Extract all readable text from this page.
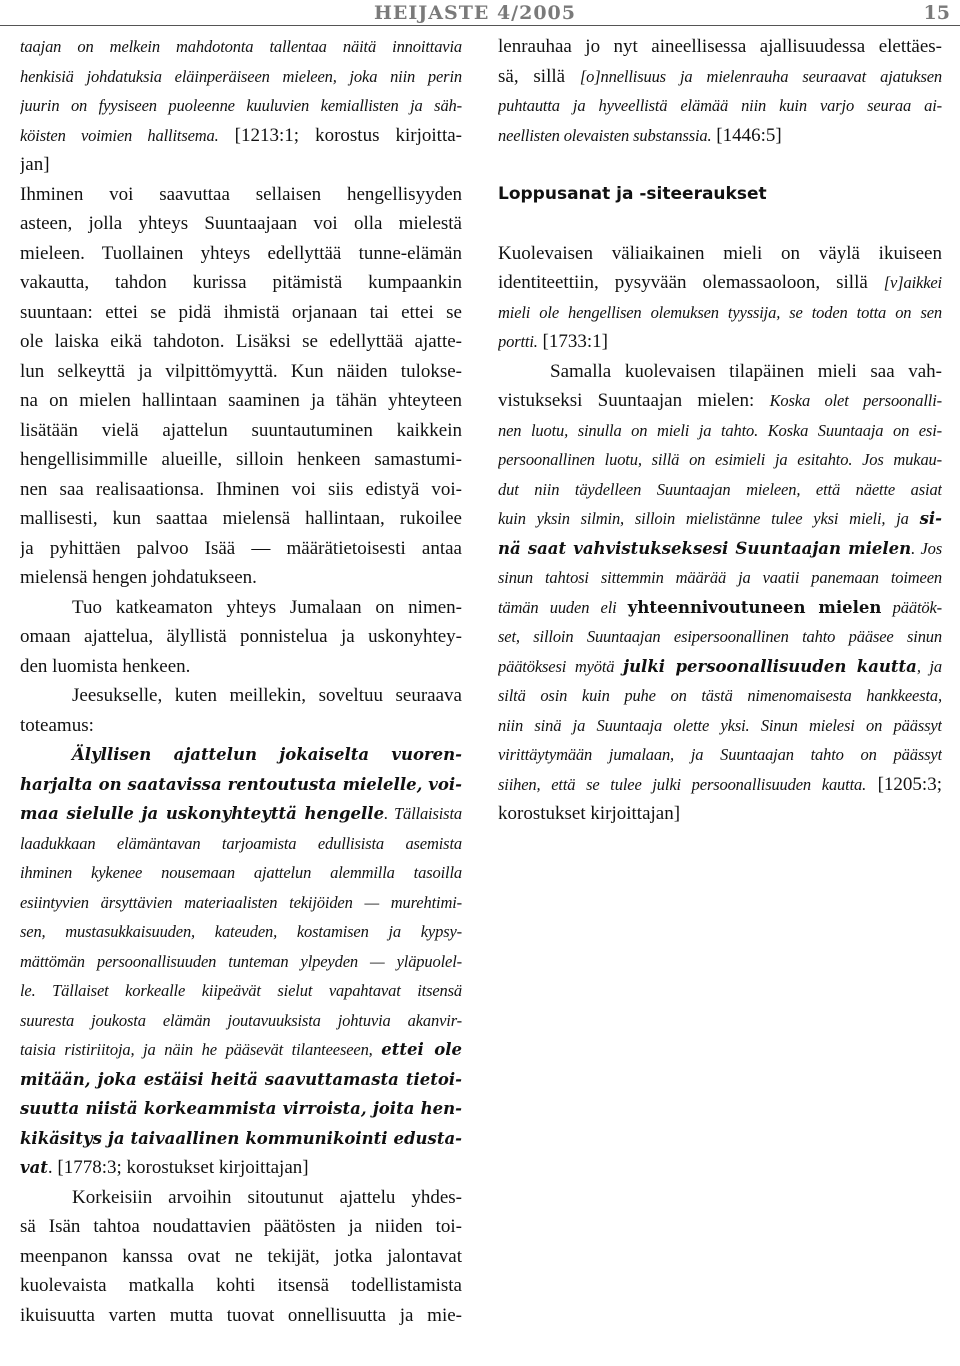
HEIJASTE 4/2005	15
taajan on melkein mahdotonta tallentaa näitä innoittavia
henkisiä johdatuksia eläinperäiseen mieleen, joka niin perin
juurin on fyysiseen puoleenne kuuluvien kemiallisten ja säh-
köisten voimien hallitsema. [1213:1; korostus kirjoitta-
jan]
Ihminen voi saavuttaa sellaisen hengellisyyden
asteen, jolla yhteys Suuntaajaan voi olla mielestä
mieleen. Tuollainen yhteys edellyttää tunne-elämän
vakautta, tahdon kurissa pitämistä kumpaankin
suuntaan: ettei se pidä ihmistä orjanaan tai ettei se
ole laiska eikä tahdoton. Lisäksi se edellyttää ajatte-
lun selkeyttä ja vilpittömyyttä. Kun näiden tulokse-
na on mielen hallintaan saaminen ja tähän yhteyteen
lisätään vielä ajattelun suuntautuminen kaikkein
hengellisimmille alueille, silloin henkeen samastumi-
nen saa realisaationsa. Ihminen voi siis edistyä voi-
mallisesti, kun saattaa mielensä hallintaan, rukoilee
ja pyhittäen palvoo Isää — määrätietoisesti antaa
mielensä hengen johdatukseen.
Tuo katkeamaton yhteys Jumalaan on nimen-
omaan ajattelua, älyllistä ponnistelua ja uskonyhtey-
den luomista henkeen.
Jeesukselle, kuten meillekin, soveltuu seuraava
toteamus:
Älyllisen ajattelun jokaiselta vuoren-
harjalta on saatavissa rentoutusta mielelle, voi-
maa sielulle ja uskonyhteyttä hengelle. Tällaisista
laadukkaan elämäntavan tarjoamista edullisista asemista
ihminen kykenee nousemaan ajattelun alemmilla tasoilla
esiintyvien ärsyttävien materiaalisten tekijöiden — murehtimi-
sen, mustasukkaisuuden, kateuden, kostamisen ja kypsy-
mättömän persoonallisuuden tunteman ylpeyden — yläpuolel-
le. Tällaiset korkealle kiipeävät sielut vapahtavat itsensä
suuresta joukosta elämän joutavuuksista johtuvia akanvir-
taisia ristiriitoja, ja näin he pääsevät tilanteeseen, ettei ole
mitään, joka estäisi heitä saavuttamasta tietoi-
suutta niistä korkeammista virroista, joita hen-
kikäsitys ja taivaallinen kommunikointi edusta-
vat. [1778:3; korostukset kirjoittajan]
Korkeisiin arvoihin sitoutunut ajattelu yhdes-
sä Isän tahtoa noudattavien päätösten ja niiden toi-
meenpanon kanssa ovat ne tekijät, jotka jalontavat
kuolevaista matkalla kohti itsensä todellistamista
ikuisuutta varten mutta tuovat onnellisuutta ja mie-
lenrauhaa jo nyt aineellisessa ajallisuudessa elettäes-
sä, sillä [o]nnellisuus ja mielenrauha seuraavat ajatuksen
puhtautta ja hyveellistä elämää niin kuin varjo seuraa ai-
neellisten olevaisten substanssia. [1446:5]
Loppusanat ja -siteeraukset
Kuolevaisen väliaikainen mieli on väylä ikuiseen
identiteettiin, pysyvään olemassaoloon, sillä [v]aikkei
mieli ole hengellisen olemuksen tyyssija, se toden totta on sen
portti. [1733:1]
Samalla kuolevaisen tilapäinen mieli saa vah-
vistukseksi Suuntaajan mielen: Koska olet persoonalli-
nen luotu, sinulla on mieli ja tahto. Koska Suuntaaja on esi-
persoonallinen luotu, sillä on esimieli ja esitahto. Jos mukau-
dut niin täydelleen Suuntaajan mieleen, että näette asiat
kuin yksin silmin, silloin mielistänne tulee yksi mieli, ja si-
nä saat vahvistukseksesi Suuntaajan mielen. Jos
sinun tahtosi sittemmin määrää ja vaatii panemaan toimeen
tämän uuden eli yhteennivoutuneen mielen päätök-
set, silloin Suuntaajan esipersoonallinen tahto pääsee sinun
päätöksesi myötä julki persoonallisuuden kautta, ja
siltä osin kuin puhe on tästä nimenomaisesta hankkeesta,
niin sinä ja Suuntaaja olette yksi. Sinun mielesi on päässyt
virittäytymään jumalaan, ja Suuntaajan tahto on päässyt
siihen, että se tulee julki persoonallisuuden kautta. [1205:3;
korostukset kirjoittajan]
